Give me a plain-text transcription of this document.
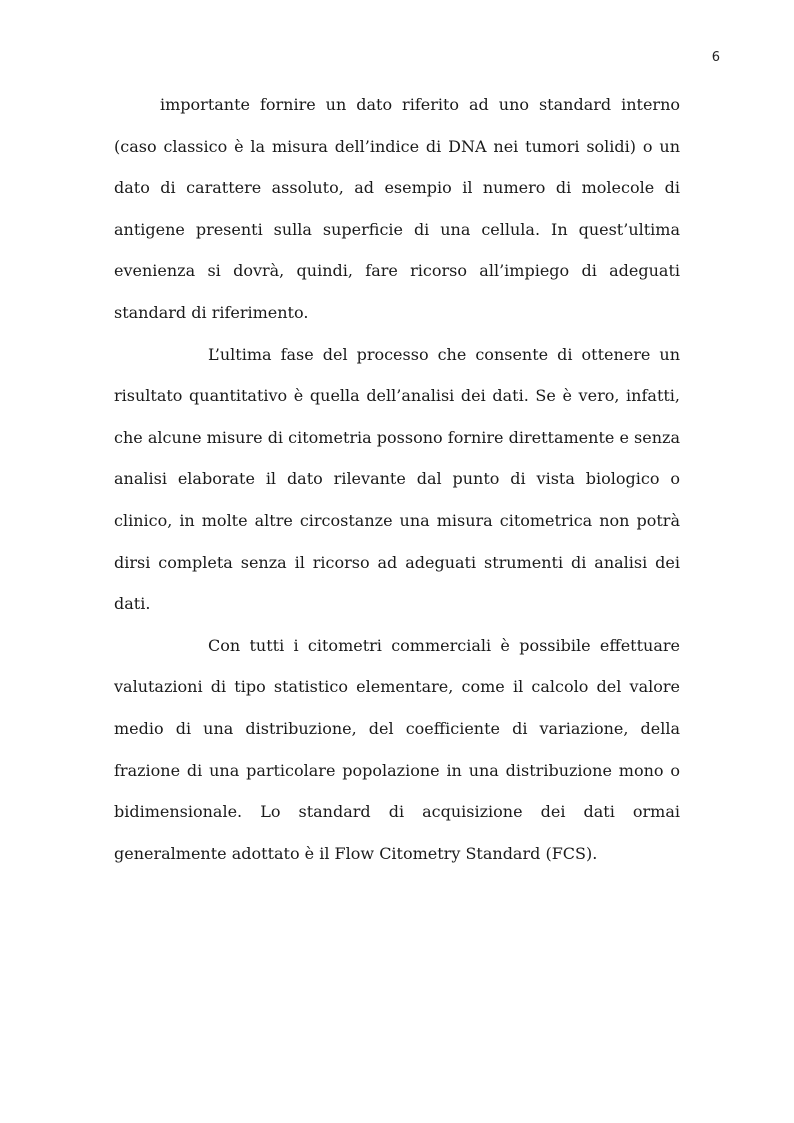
6

importante fornire un dato riferito ad uno standard interno (caso classico è la misura dell’indice di DNA nei tumori solidi) o un dato di carattere assoluto, ad esempio il numero di molecole di antigene presenti sulla superficie di una cellula. In quest’ultima evenienza si dovrà, quindi, fare ricorso all’impiego di adeguati standard di riferimento.

L’ultima fase del processo che consente di ottenere un risultato quantitativo è quella dell’analisi dei dati. Se è vero, infatti, che alcune misure di citometria possono fornire direttamente e senza analisi elaborate il dato rilevante dal punto di vista biologico o clinico, in molte altre circostanze una misura citometrica non potrà dirsi completa senza il ricorso ad adeguati strumenti di analisi dei dati.

Con tutti i citometri commerciali è possibile effettuare valutazioni di tipo statistico elementare, come il calcolo del valore medio di una distribuzione, del coefficiente di variazione, della frazione di una particolare popolazione in una distribuzione mono o bidimensionale. Lo standard di acquisizione dei dati ormai generalmente adottato è il Flow Citometry Standard (FCS).
